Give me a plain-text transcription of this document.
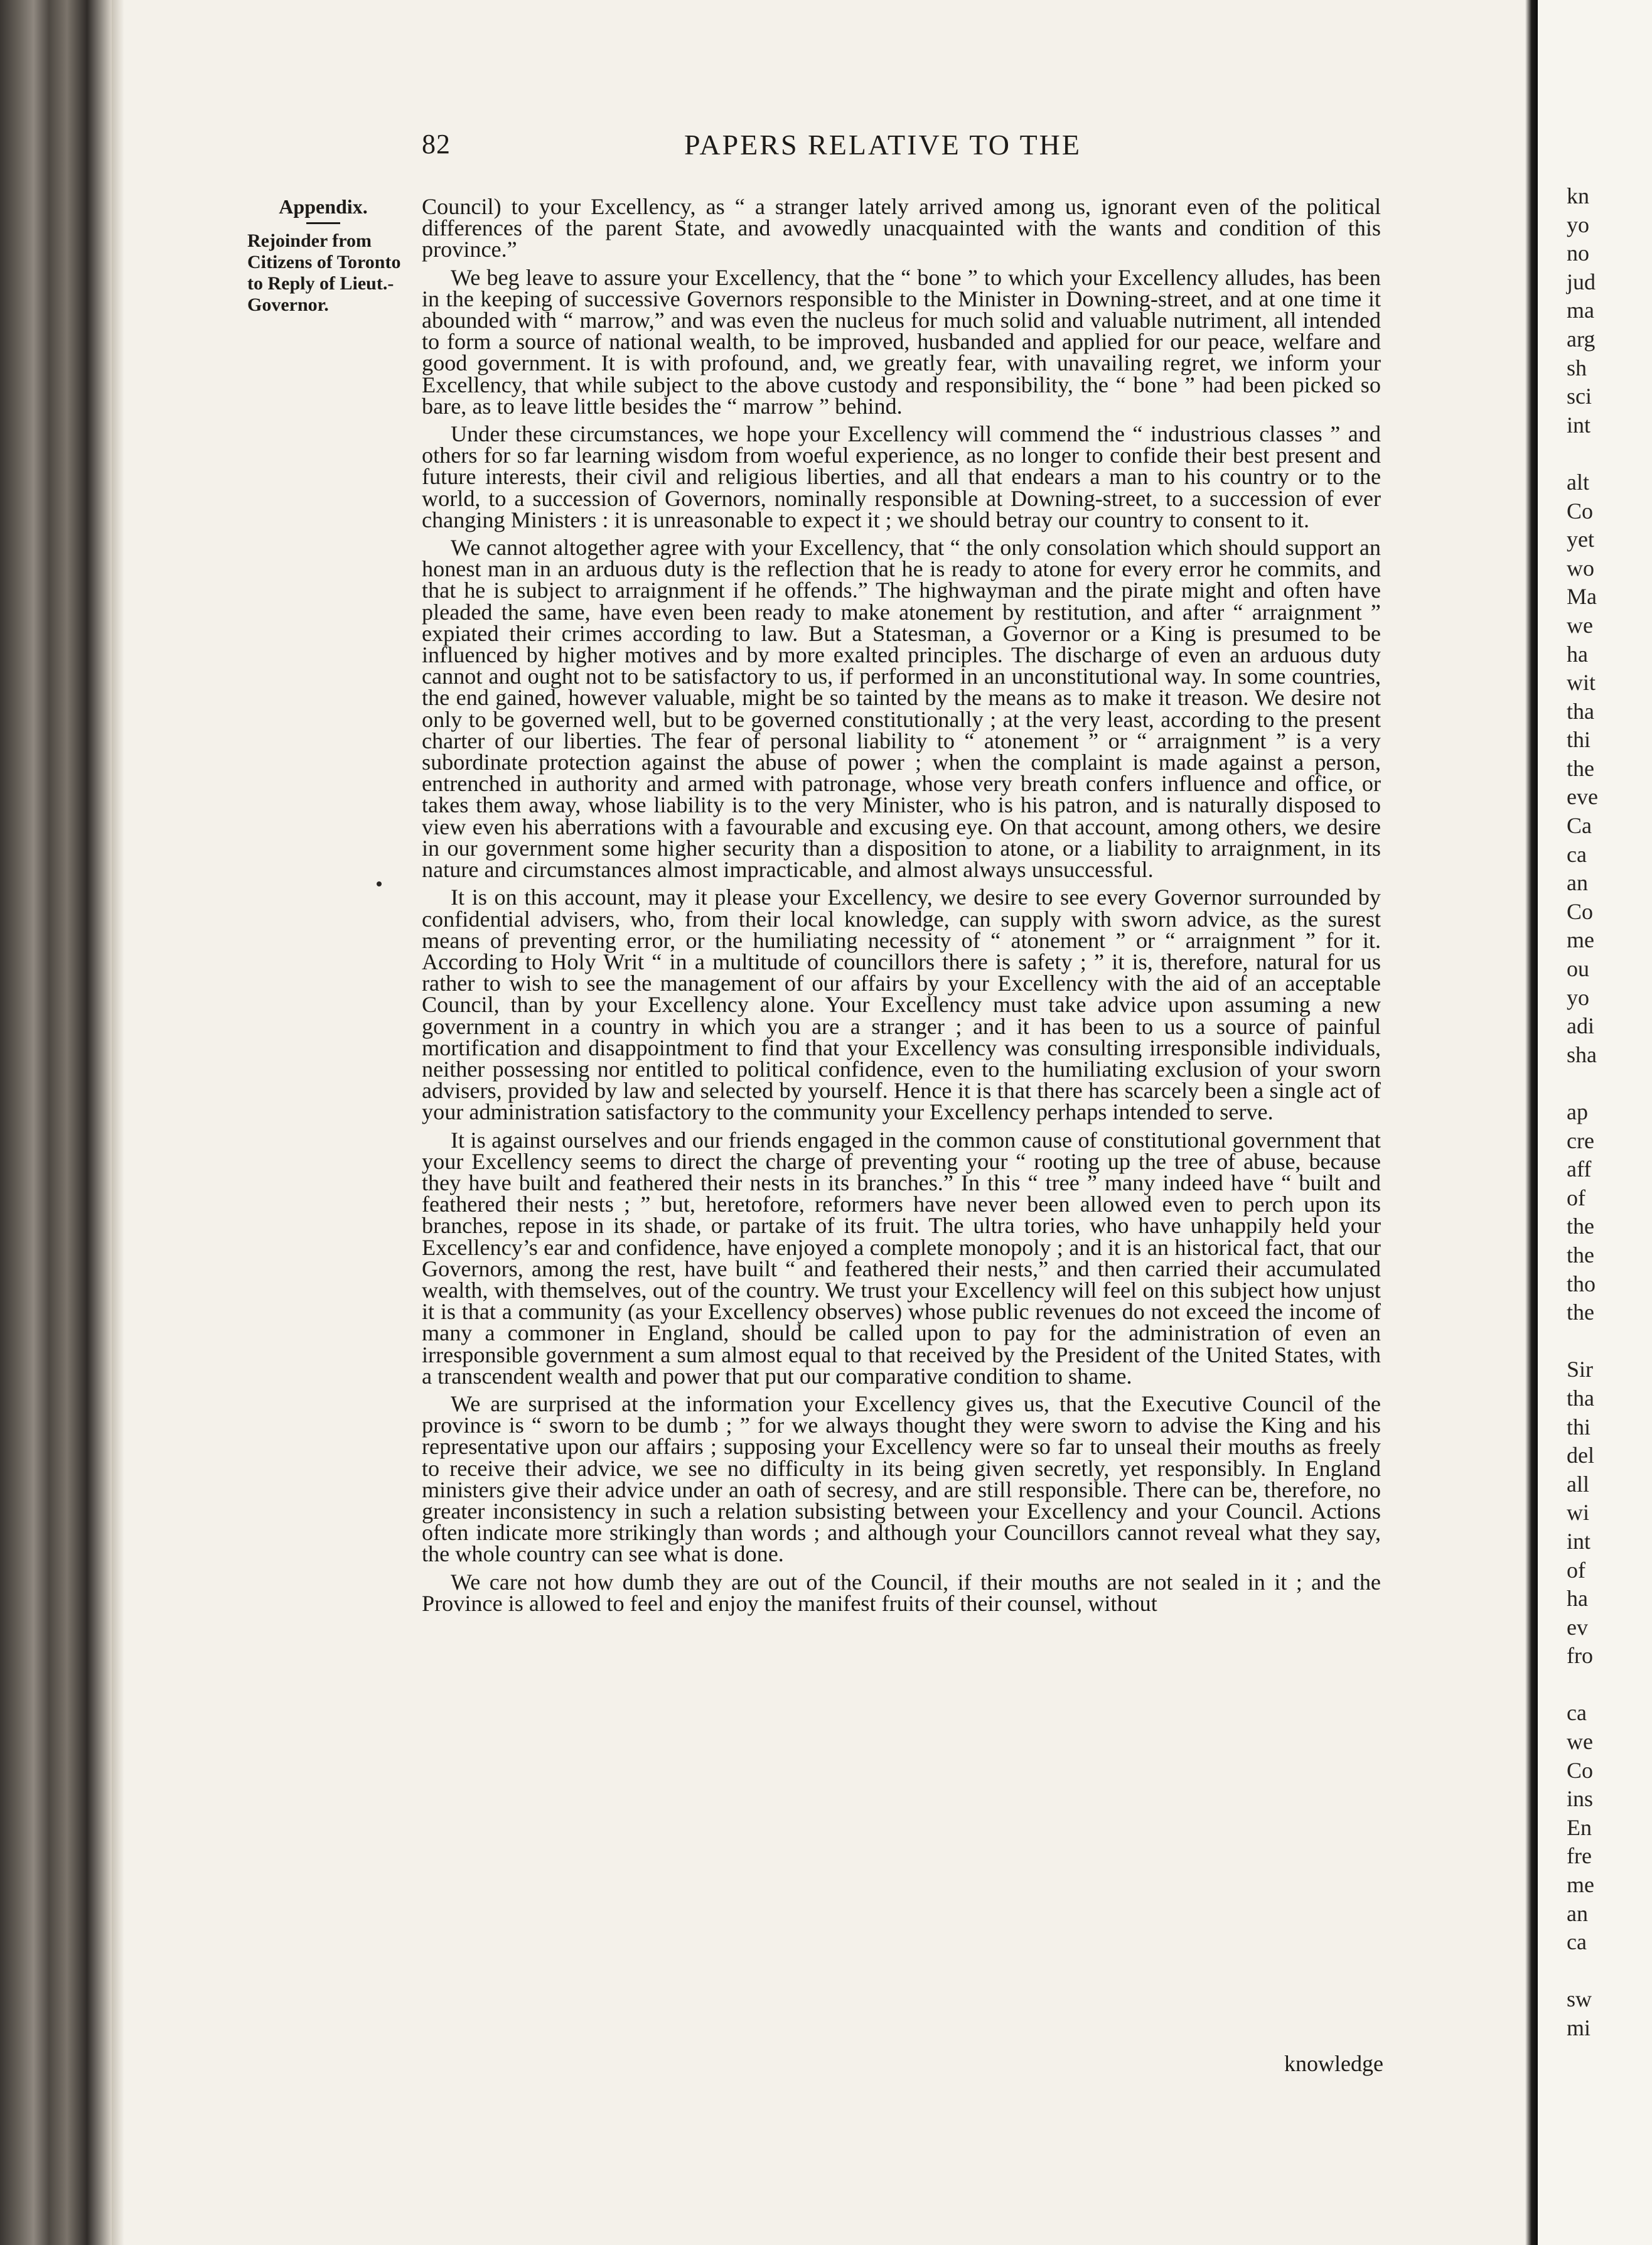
kn
yo
no
jud
ma
arg
sh
sci
int

alt
Co
yet
wo
Ma
we
ha
wit
tha
thi
the
eve
Ca
ca
an
Co
me
ou
yo
adi
sha

ap
cre
aff
of
the
the
tho
the

Sir
tha
thi
del
all
wi
int
of
ha
ev
fro

ca
we
Co
ins
En
fre
me
an
ca

sw
mi
82	PAPERS RELATIVE TO THE
Appendix.
Rejoinder from Citizens of Toronto to Reply of Lieut.- Governor.

Council) to your Excellency, as “ a stranger lately arrived among us, ignorant even of the political differences of the parent State, and avowedly unacquainted with the wants and condition of this province.”

We beg leave to assure your Excellency, that the “ bone ” to which your Excellency alludes, has been in the keeping of successive Governors responsible to the Minister in Downing-street, and at one time it abounded with “ marrow,” and was even the nucleus for much solid and valuable nutriment, all intended to form a source of national wealth, to be improved, husbanded and applied for our peace, welfare and good government. It is with profound, and, we greatly fear, with unavailing regret, we inform your Excellency, that while subject to the above custody and responsibility, the “ bone ” had been picked so bare, as to leave little besides the “ marrow ” behind.

Under these circumstances, we hope your Excellency will commend the “ industrious classes ” and others for so far learning wisdom from woeful experience, as no longer to confide their best present and future interests, their civil and religious liberties, and all that endears a man to his country or to the world, to a succession of Governors, nominally responsible at Downing-street, to a succession of ever changing Ministers : it is unreasonable to expect it ; we should betray our country to consent to it.

We cannot altogether agree with your Excellency, that “ the only consolation which should support an honest man in an arduous duty is the reflection that he is ready to atone for every error he commits, and that he is subject to arraignment if he offends.” The highwayman and the pirate might and often have pleaded the same, have even been ready to make atonement by restitution, and after “ arraignment ” expiated their crimes according to law. But a Statesman, a Governor or a King is presumed to be influenced by higher motives and by more exalted principles. The discharge of even an arduous duty cannot and ought not to be satisfactory to us, if performed in an unconstitutional way. In some countries, the end gained, however valuable, might be so tainted by the means as to make it treason. We desire not only to be governed well, but to be governed constitutionally ; at the very least, according to the present charter of our liberties. The fear of personal liability to “ atonement ” or “ arraignment ” is a very subordinate protection against the abuse of power ; when the complaint is made against a person, entrenched in authority and armed with patronage, whose very breath confers influence and office, or takes them away, whose liability is to the very Minister, who is his patron, and is naturally disposed to view even his aberrations with a favourable and excusing eye. On that account, among others, we desire in our government some higher security than a disposition to atone, or a liability to arraignment, in its nature and circumstances almost impracticable, and almost always unsuccessful.

It is on this account, may it please your Excellency, we desire to see every Governor surrounded by confidential advisers, who, from their local knowledge, can supply with sworn advice, as the surest means of preventing error, or the humiliating necessity of “ atonement ” or “ arraignment ” for it. According to Holy Writ “ in a multitude of councillors there is safety ; ” it is, therefore, natural for us rather to wish to see the management of our affairs by your Excellency with the aid of an acceptable Council, than by your Excellency alone. Your Excellency must take advice upon assuming a new government in a country in which you are a stranger ; and it has been to us a source of painful mortification and disappointment to find that your Excellency was consulting irresponsible individuals, neither possessing nor entitled to political confidence, even to the humiliating exclusion of your sworn advisers, provided by law and selected by yourself. Hence it is that there has scarcely been a single act of your administration satisfactory to the community your Excellency perhaps intended to serve.

It is against ourselves and our friends engaged in the common cause of constitutional government that your Excellency seems to direct the charge of preventing your “ rooting up the tree of abuse, because they have built and feathered their nests in its branches.” In this “ tree ” many indeed have “ built and feathered their nests ; ” but, heretofore, reformers have never been allowed even to perch upon its branches, repose in its shade, or partake of its fruit. The ultra tories, who have unhappily held your Excellency’s ear and confidence, have enjoyed a complete monopoly ; and it is an historical fact, that our Governors, among the rest, have built “ and feathered their nests,” and then carried their accumulated wealth, with themselves, out of the country. We trust your Excellency will feel on this subject how unjust it is that a community (as your Excellency observes) whose public revenues do not exceed the income of many a commoner in England, should be called upon to pay for the administration of even an irresponsible government a sum almost equal to that received by the President of the United States, with a transcendent wealth and power that put our comparative condition to shame.

We are surprised at the information your Excellency gives us, that the Executive Council of the province is “ sworn to be dumb ; ” for we always thought they were sworn to advise the King and his representative upon our affairs ; supposing your Excellency were so far to unseal their mouths as freely to receive their advice, we see no difficulty in its being given secretly, yet responsibly. In England ministers give their advice under an oath of secresy, and are still responsible. There can be, therefore, no greater inconsistency in such a relation subsisting between your Excellency and your Council. Actions often indicate more strikingly than words ; and although your Councillors cannot reveal what they say, the whole country can see what is done.

We care not how dumb they are out of the Council, if their mouths are not sealed in it ; and the Province is allowed to feel and enjoy the manifest fruits of their counsel, without

knowledge
